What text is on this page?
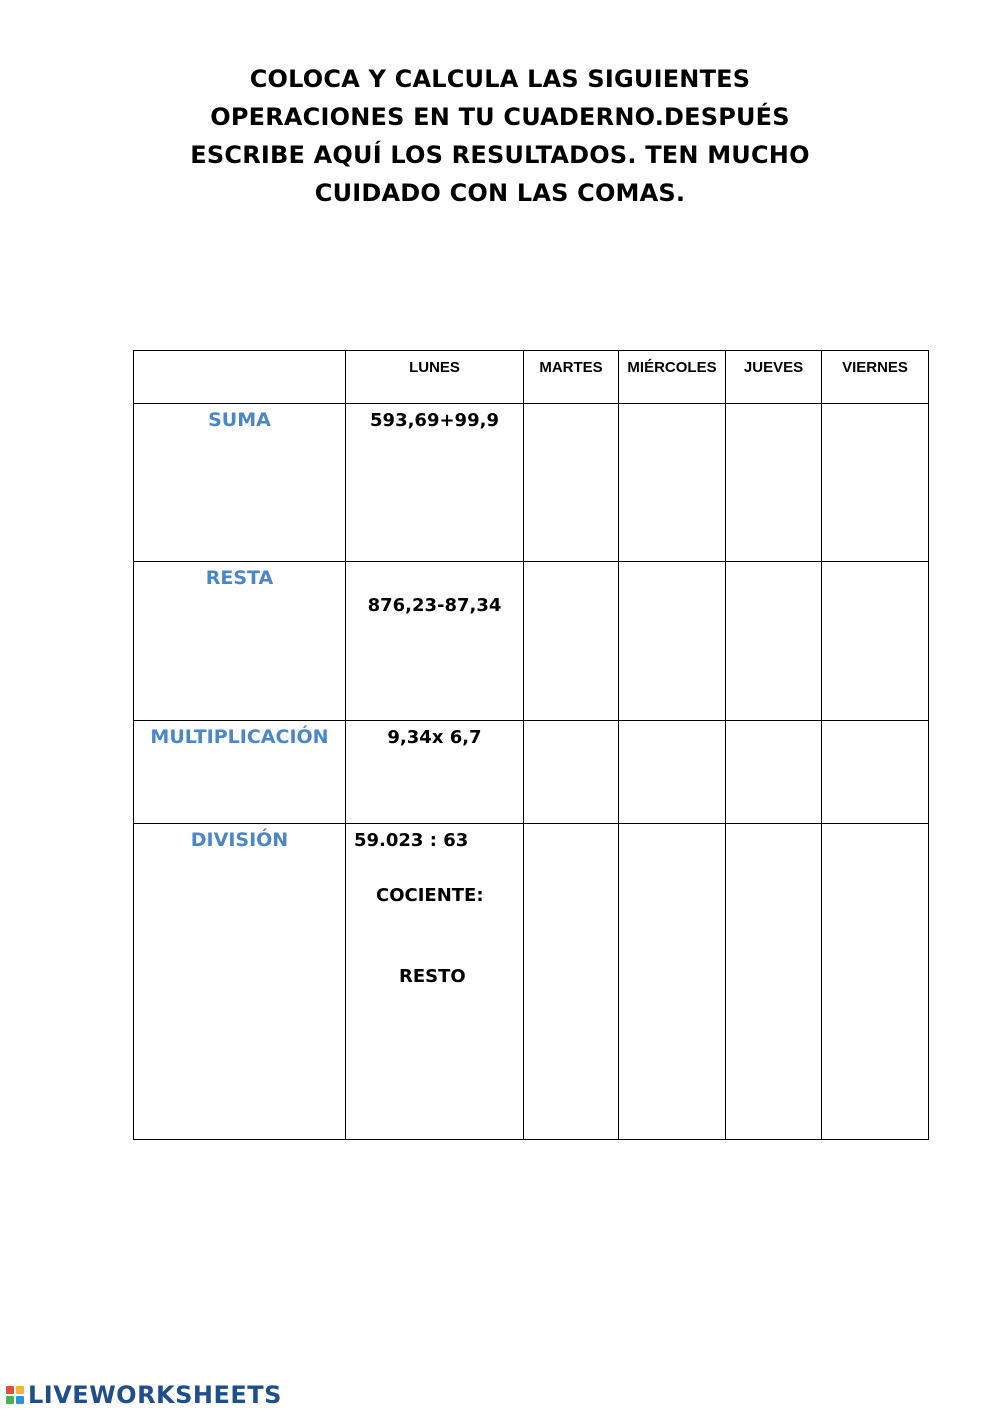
COLOCA Y CALCULA LAS SIGUIENTES
OPERACIONES EN TU CUADERNO.DESPUÉS
ESCRIBE AQUÍ LOS RESULTADOS. TEN MUCHO
CUIDADO CON LAS COMAS.

	LUNES	MARTES	MIÉRCOLES	JUEVES	VIERNES

SUMA	593,69+99,9				

RESTA	876,23-87,34				

MULTIPLICACIÓN	9,34x 6,7				

DIVISIÓN	59.023 : 63
COCIENTE:
RESTO				

LIVEWORKSHEETS
